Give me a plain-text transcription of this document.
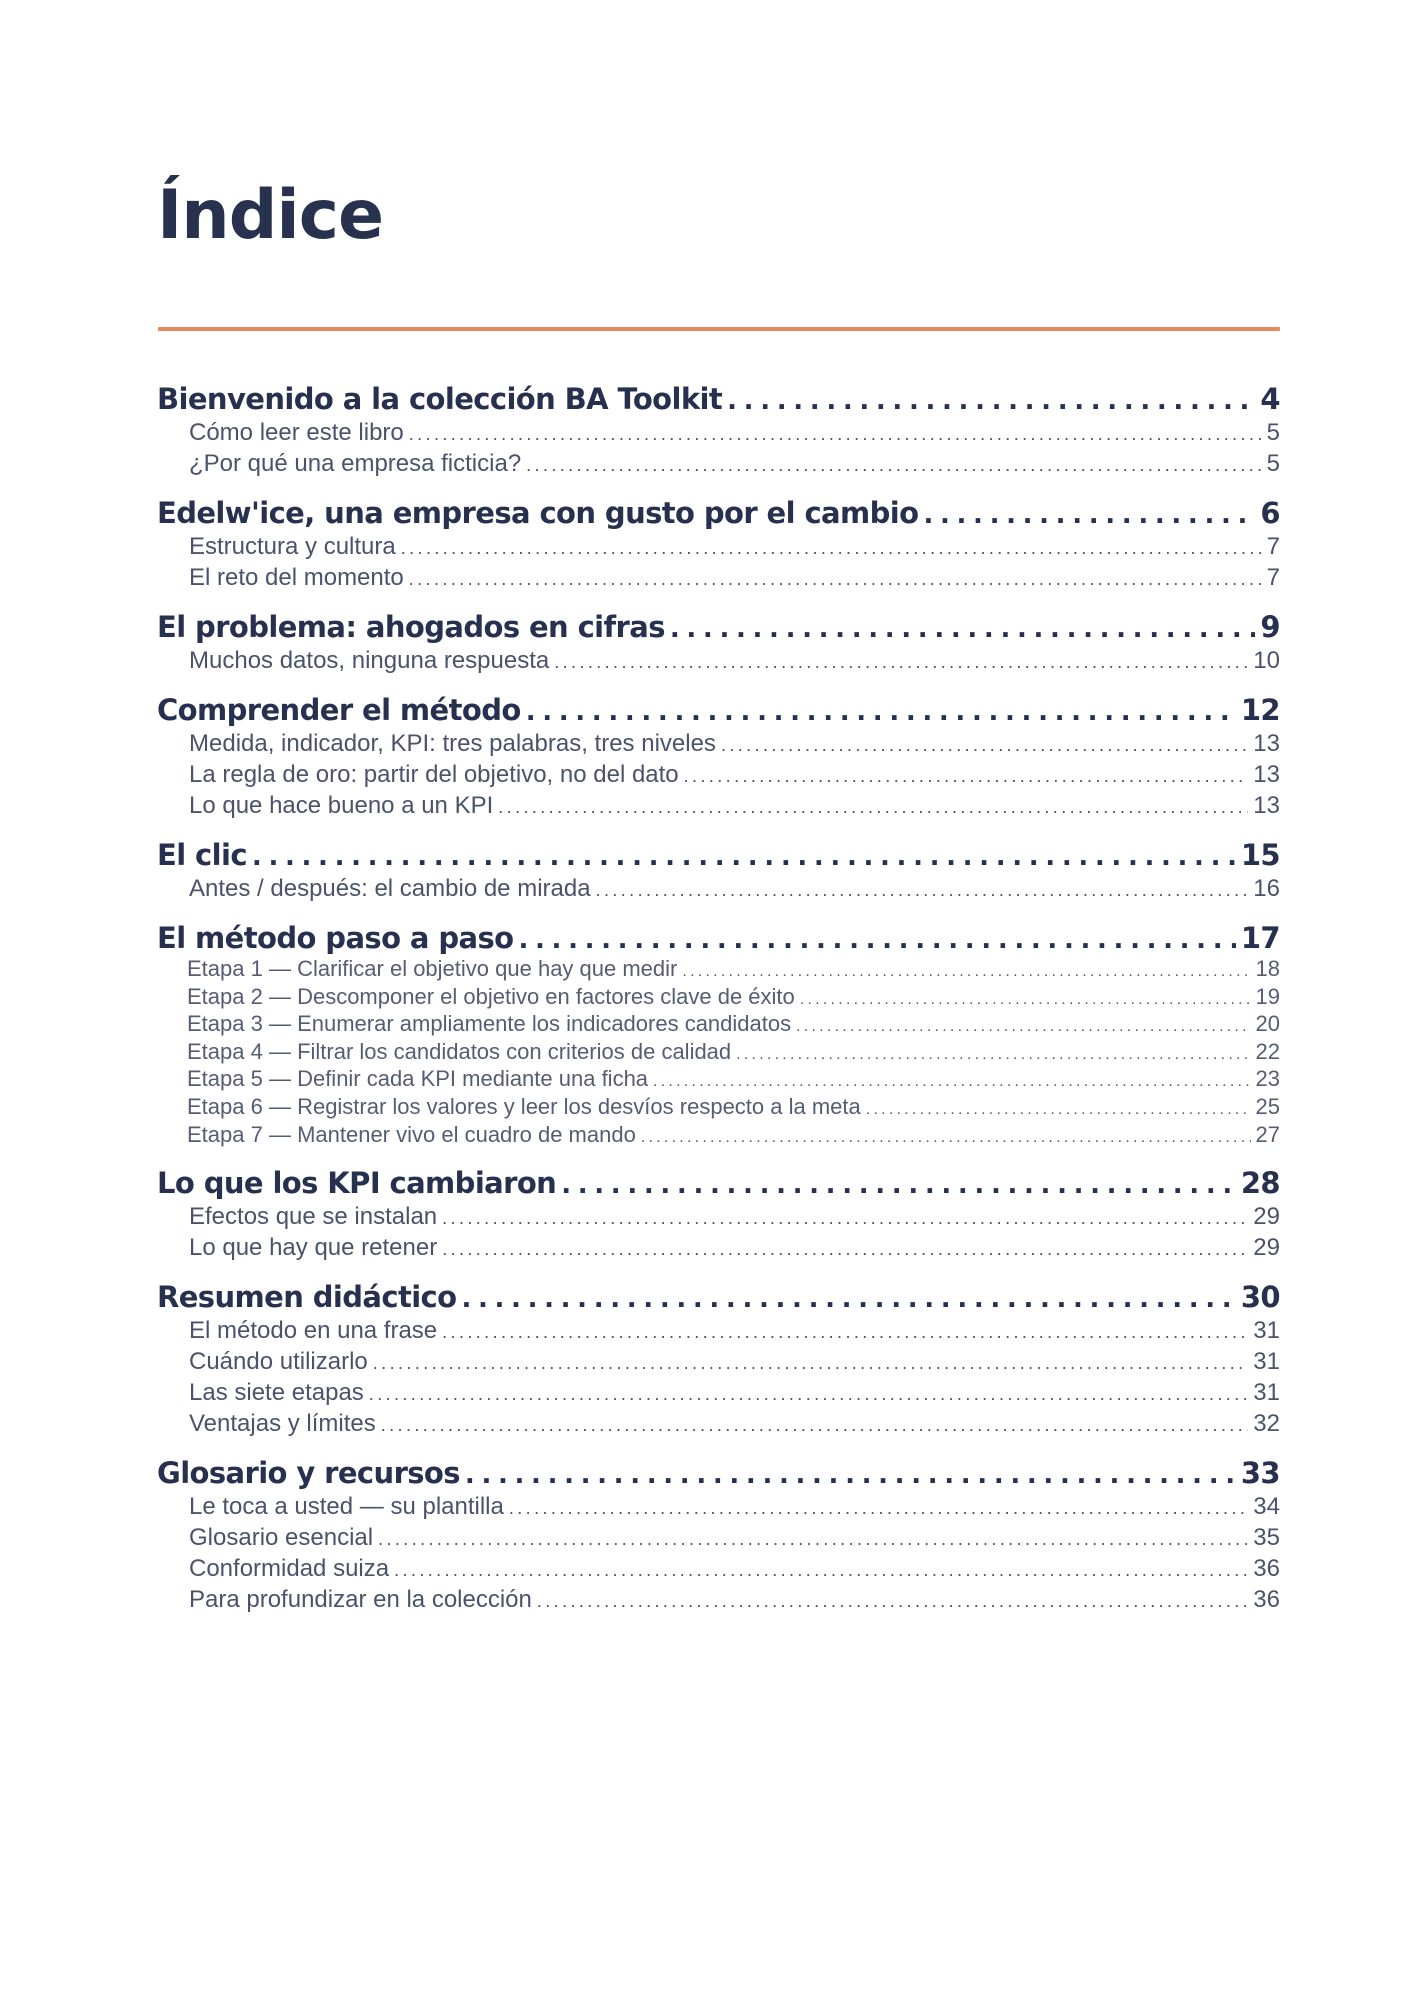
Índice
Bienvenido a la colección BA Toolkit . . .	4
Cómo leer este libro . . .	5
¿Por qué una empresa ficticia? . . .	5
Edelw'ice, una empresa con gusto por el cambio . . .	6
Estructura y cultura . . .	7
El reto del momento . . .	7
El problema: ahogados en cifras . . .	9
Muchos datos, ninguna respuesta . . .	10
Comprender el método . . .	12
Medida, indicador, KPI: tres palabras, tres niveles . . .	13
La regla de oro: partir del objetivo, no del dato . . .	13
Lo que hace bueno a un KPI . . .	13
El clic . . .	15
Antes / después: el cambio de mirada . . .	16
El método paso a paso . . .	17
Etapa 1 — Clarificar el objetivo que hay que medir . . .	18
Etapa 2 — Descomponer el objetivo en factores clave de éxito . . .	19
Etapa 3 — Enumerar ampliamente los indicadores candidatos . . .	20
Etapa 4 — Filtrar los candidatos con criterios de calidad . . .	22
Etapa 5 — Definir cada KPI mediante una ficha . . .	23
Etapa 6 — Registrar los valores y leer los desvíos respecto a la meta . . .	25
Etapa 7 — Mantener vivo el cuadro de mando . . .	27
Lo que los KPI cambiaron . . .	28
Efectos que se instalan . . .	29
Lo que hay que retener . . .	29
Resumen didáctico . . .	30
El método en una frase . . .	31
Cuándo utilizarlo . . .	31
Las siete etapas . . .	31
Ventajas y límites . . .	32
Glosario y recursos . . .	33
Le toca a usted — su plantilla . . .	34
Glosario esencial . . .	35
Conformidad suiza . . .	36
Para profundizar en la colección . . .	36
